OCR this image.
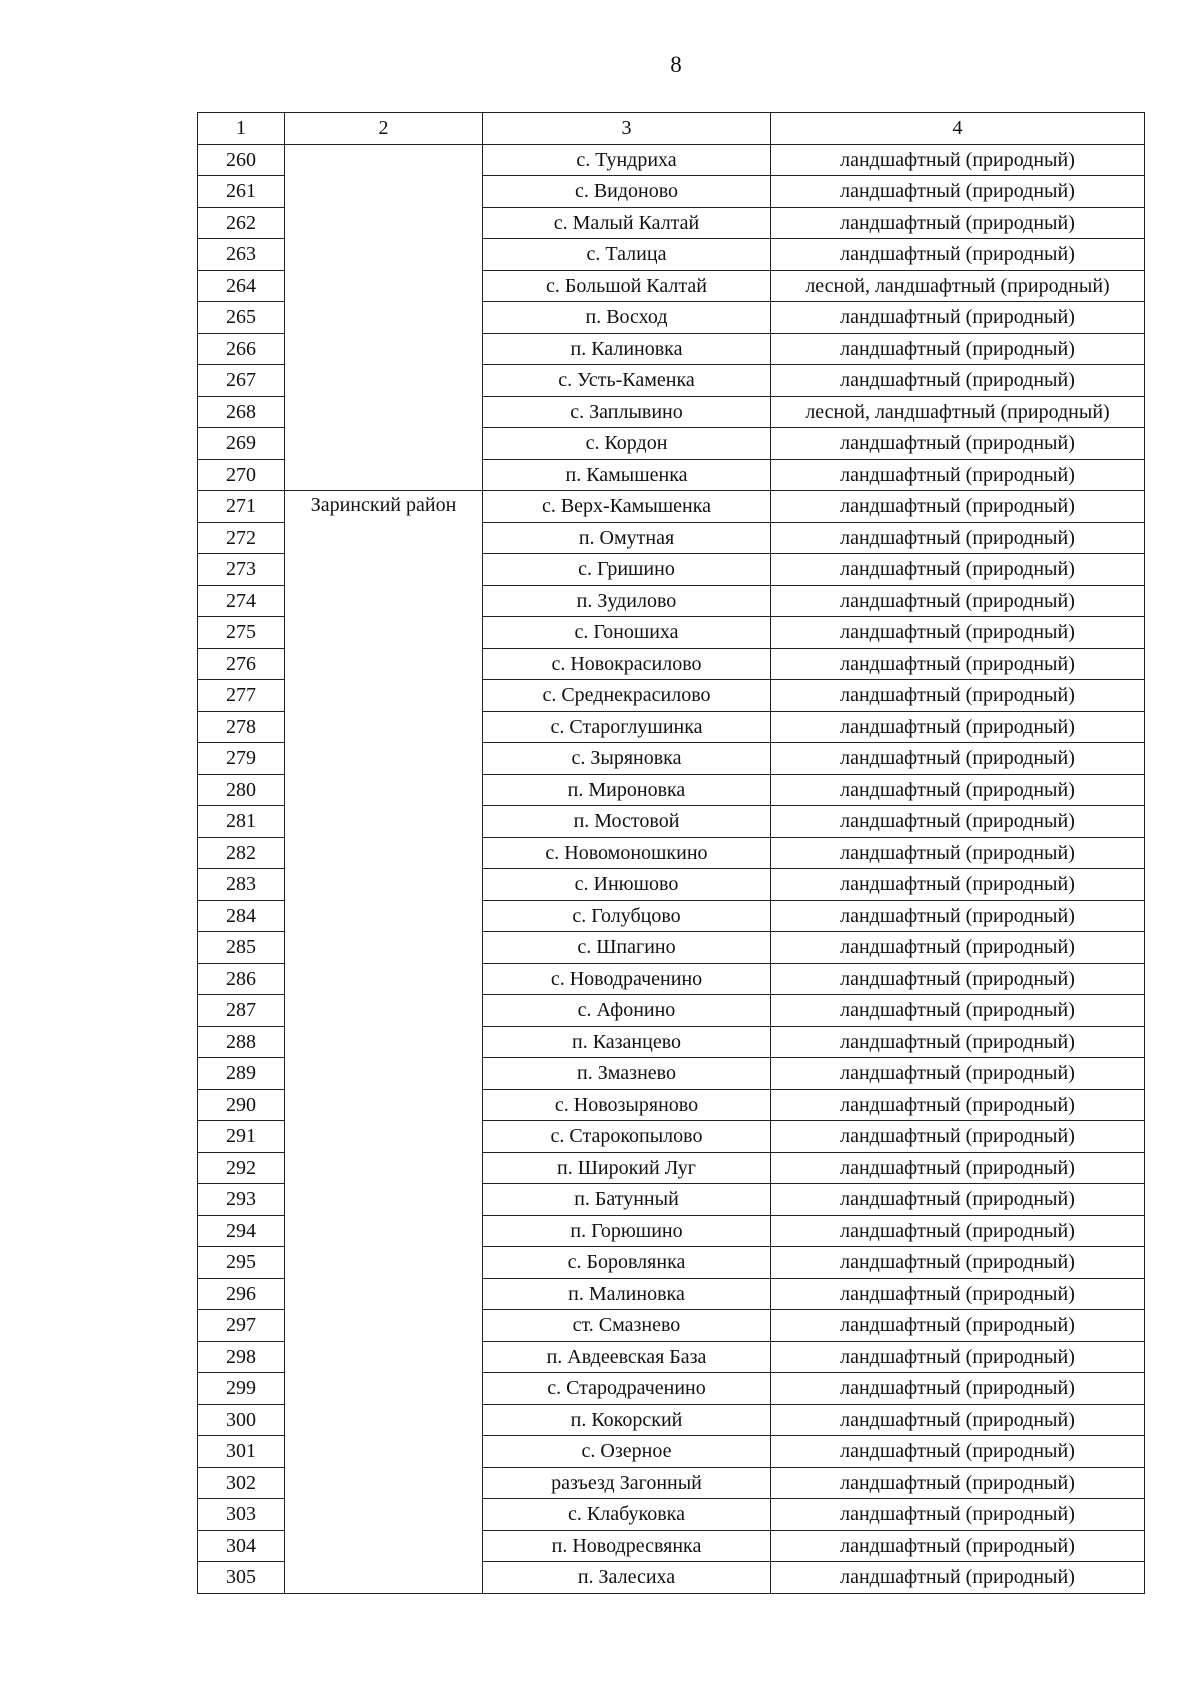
8
1	2	3	4
260		с. Тундриха	ландшафтный (природный)
261		с. Видоново	ландшафтный (природный)
262		с. Малый Калтай	ландшафтный (природный)
263		с. Талица	ландшафтный (природный)
264		с. Большой Калтай	лесной, ландшафтный (природный)
265		п. Восход	ландшафтный (природный)
266		п. Калиновка	ландшафтный (природный)
267		с. Усть-Каменка	ландшафтный (природный)
268		с. Заплывино	лесной, ландшафтный (природный)
269		с. Кордон	ландшафтный (природный)
270		п. Камышенка	ландшафтный (природный)
271	Заринский район	с. Верх-Камышенка	ландшафтный (природный)
272		п. Омутная	ландшафтный (природный)
273		с. Гришино	ландшафтный (природный)
274		п. Зудилово	ландшафтный (природный)
275		с. Гоношиха	ландшафтный (природный)
276		с. Новокрасилово	ландшафтный (природный)
277		с. Среднекрасилово	ландшафтный (природный)
278		с. Староглушинка	ландшафтный (природный)
279		с. Зыряновка	ландшафтный (природный)
280		п. Мироновка	ландшафтный (природный)
281		п. Мостовой	ландшафтный (природный)
282		с. Новомоношкино	ландшафтный (природный)
283		с. Инюшово	ландшафтный (природный)
284		с. Голубцово	ландшафтный (природный)
285		с. Шпагино	ландшафтный (природный)
286		с. Новодраченино	ландшафтный (природный)
287		с. Афонино	ландшафтный (природный)
288		п. Казанцево	ландшафтный (природный)
289		п. Змазнево	ландшафтный (природный)
290		с. Новозыряново	ландшафтный (природный)
291		с. Старокопылово	ландшафтный (природный)
292		п. Широкий Луг	ландшафтный (природный)
293		п. Батунный	ландшафтный (природный)
294		п. Горюшино	ландшафтный (природный)
295		с. Боровлянка	ландшафтный (природный)
296		п. Малиновка	ландшафтный (природный)
297		ст. Смазнево	ландшафтный (природный)
298		п. Авдеевская База	ландшафтный (природный)
299		с. Стародраченино	ландшафтный (природный)
300		п. Кокорский	ландшафтный (природный)
301		с. Озерное	ландшафтный (природный)
302		разъезд Загонный	ландшафтный (природный)
303		с. Клабуковка	ландшафтный (природный)
304		п. Новодресвянка	ландшафтный (природный)
305		п. Залесиха	ландшафтный (природный)
